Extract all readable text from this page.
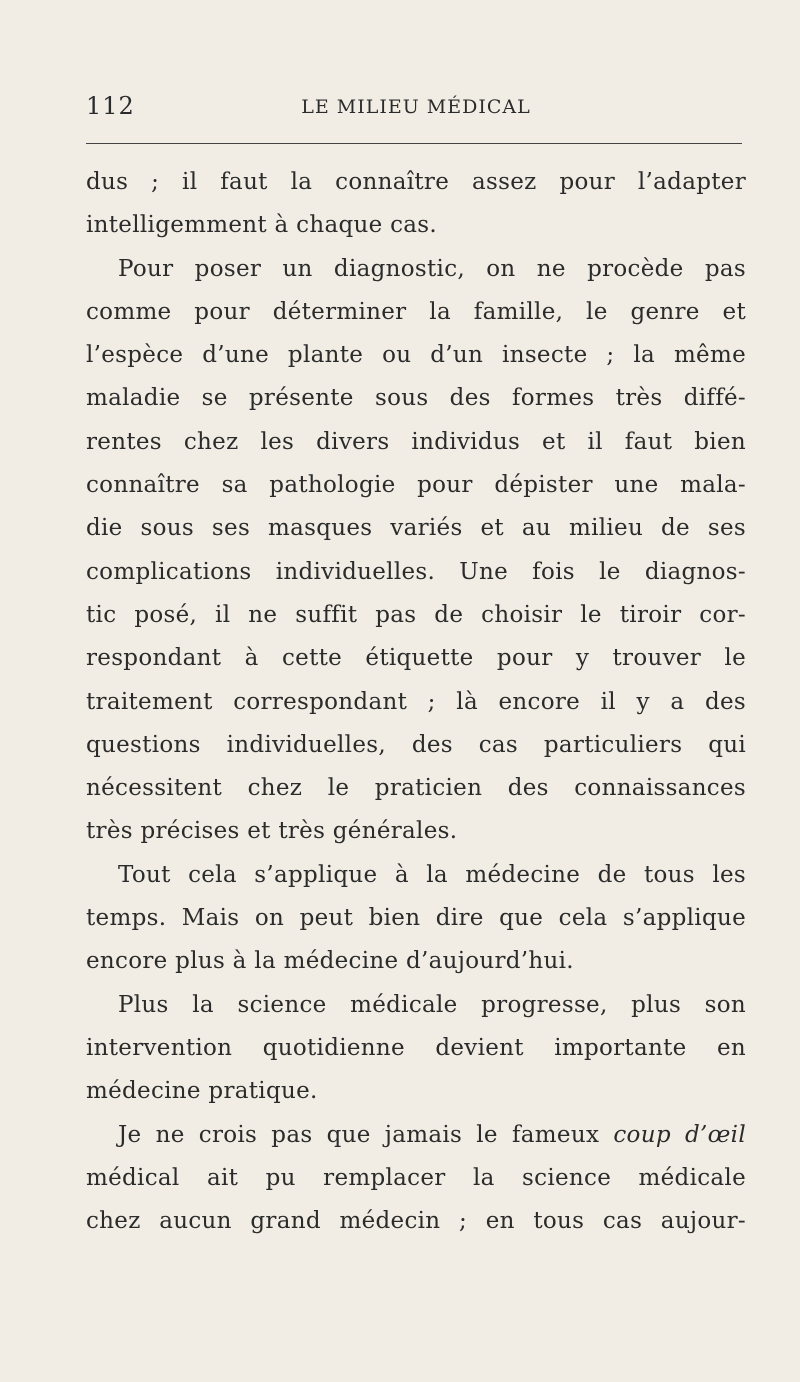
112	LE MILIEU MÉDICAL
dus ; il faut la connaître assez pour l’adapter
intelligemment à chaque cas.
Pour poser un diagnostic, on ne procède pas
comme pour déterminer la famille, le genre et
l’espèce d’une plante ou d’un insecte ; la même
maladie se présente sous des formes très diffé-
rentes chez les divers individus et il faut bien
connaître sa pathologie pour dépister une mala-
die sous ses masques variés et au milieu de ses
complications individuelles. Une fois le diagnos-
tic posé, il ne suffit pas de choisir le tiroir cor-
respondant à cette étiquette pour y trouver le
traitement correspondant ; là encore il y a des
questions individuelles, des cas particuliers qui
nécessitent chez le praticien des connaissances
très précises et très générales.
Tout cela s’applique à la médecine de tous les
temps. Mais on peut bien dire que cela s’applique
encore plus à la médecine d’aujourd’hui.
Plus la science médicale progresse, plus son
intervention quotidienne devient importante en
médecine pratique.
Je ne crois pas que jamais le fameux coup d’œil
médical ait pu remplacer la science médicale
chez aucun grand médecin ; en tous cas aujour-
